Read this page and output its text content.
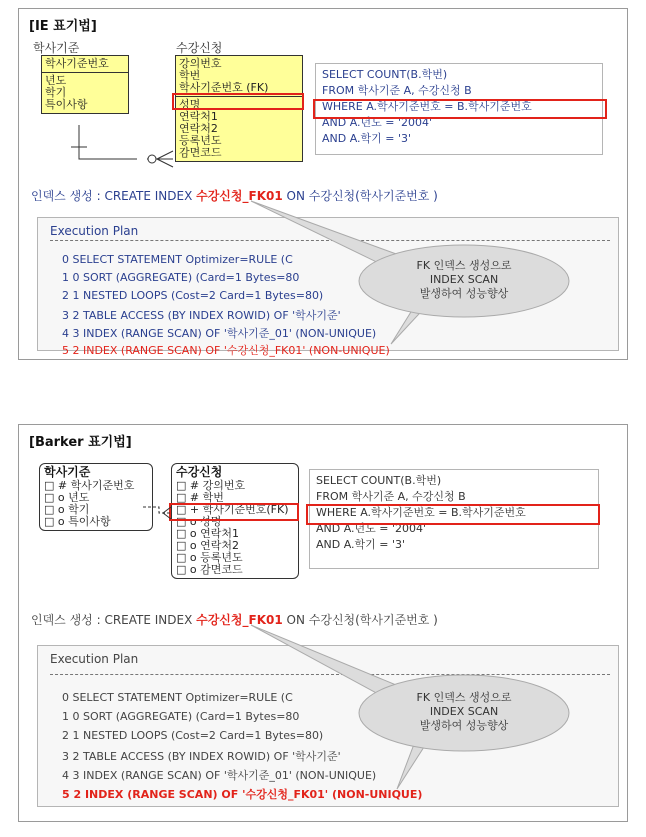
[IE 표기법]
학사기준
학사기준번호
년도
학기
특이사항
수강신청
강의번호
학번
학사기준번호 (FK)
성명
연락처1
연락처2
등록년도
감면코드
SELECT COUNT(B.학번)
FROM 학사기준 A, 수강신청 B
WHERE A.학사기준번호 = B.학사기준번호
AND A.년도 = '2004'
AND A.학기 = '3'
인덱스 생성 : CREATE INDEX 수강신청_FK01 ON 수강신청(학사기준번호 )
Execution Plan
0 SELECT STATEMENT Optimizer=RULE (C
1 0 SORT (AGGREGATE) (Card=1 Bytes=80
2 1 NESTED LOOPS (Cost=2 Card=1 Bytes=80)
3 2 TABLE ACCESS (BY INDEX ROWID) OF '학사기준'
4 3 INDEX (RANGE SCAN) OF '학사기준_01' (NON-UNIQUE)
5 2 INDEX (RANGE SCAN) OF '수강신청_FK01' (NON-UNIQUE)
FK 인덱스 생성으로
INDEX SCAN
발생하여 성능향상
[Barker 표기법]
학사기준
□ # 학사기준번호
□ o 년도
□ o 학기
□ o 특이사항
수강신청
□ # 강의번호
□ # 학번
□ + 학사기준번호(FK)
□ o 성명
□ o 연락처1
□ o 연락처2
□ o 등록년도
□ o 감면코드
SELECT COUNT(B.학번)
FROM 학사기준 A, 수강신청 B
WHERE A.학사기준번호 = B.학사기준번호
AND A.년도 = '2004'
AND A.학기 = '3'
인덱스 생성 : CREATE INDEX 수강신청_FK01 ON 수강신청(학사기준번호 )
Execution Plan
0 SELECT STATEMENT Optimizer=RULE (C
1 0 SORT (AGGREGATE) (Card=1 Bytes=80
2 1 NESTED LOOPS (Cost=2 Card=1 Bytes=80)
3 2 TABLE ACCESS (BY INDEX ROWID) OF '학사기준'
4 3 INDEX (RANGE SCAN) OF '학사기준_01' (NON-UNIQUE)
5 2 INDEX (RANGE SCAN) OF '수강신청_FK01' (NON-UNIQUE)
FK 인덱스 생성으로
INDEX SCAN
발생하여 성능향상
